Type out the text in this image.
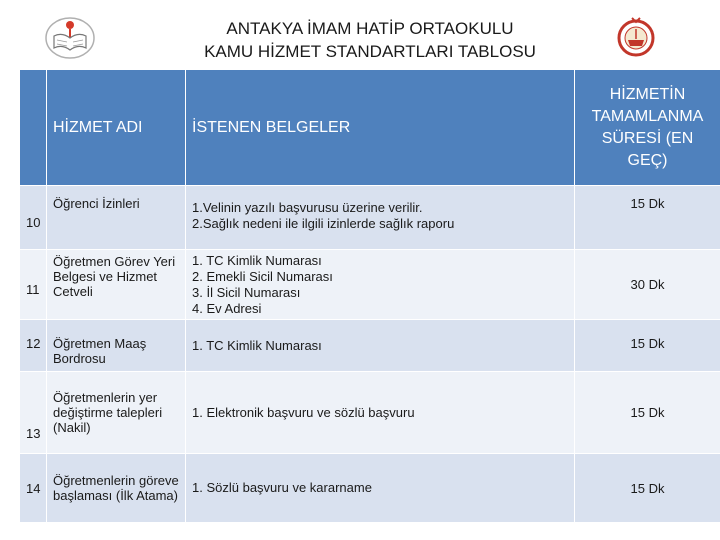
ANTAKYA İMAM HATİP ORTAOKULU
KAMU HİZMET STANDARTLARI TABLOSU
	HİZMET ADI	İSTENEN BELGELER	HİZMETİN TAMAMLANMA SÜRESİ (EN GEÇ)
10	Öğrenci İzinleri	1.Velinin yazılı başvurusu üzerine verilir.
2.Sağlık nedeni ile ilgili izinlerde sağlık raporu	15 Dk
11	Öğretmen Görev Yeri Belgesi ve Hizmet Cetveli	1. TC Kimlik Numarası
2. Emekli Sicil Numarası
3. İl Sicil Numarası
4. Ev Adresi	30 Dk
12	Öğretmen Maaş Bordrosu	1. TC Kimlik Numarası	15 Dk
13	Öğretmenlerin yer değiştirme talepleri (Nakil)	1. Elektronik başvuru ve sözlü başvuru	15 Dk
14	Öğretmenlerin göreve başlaması (İlk Atama)	1. Sözlü başvuru ve kararname	15 Dk
